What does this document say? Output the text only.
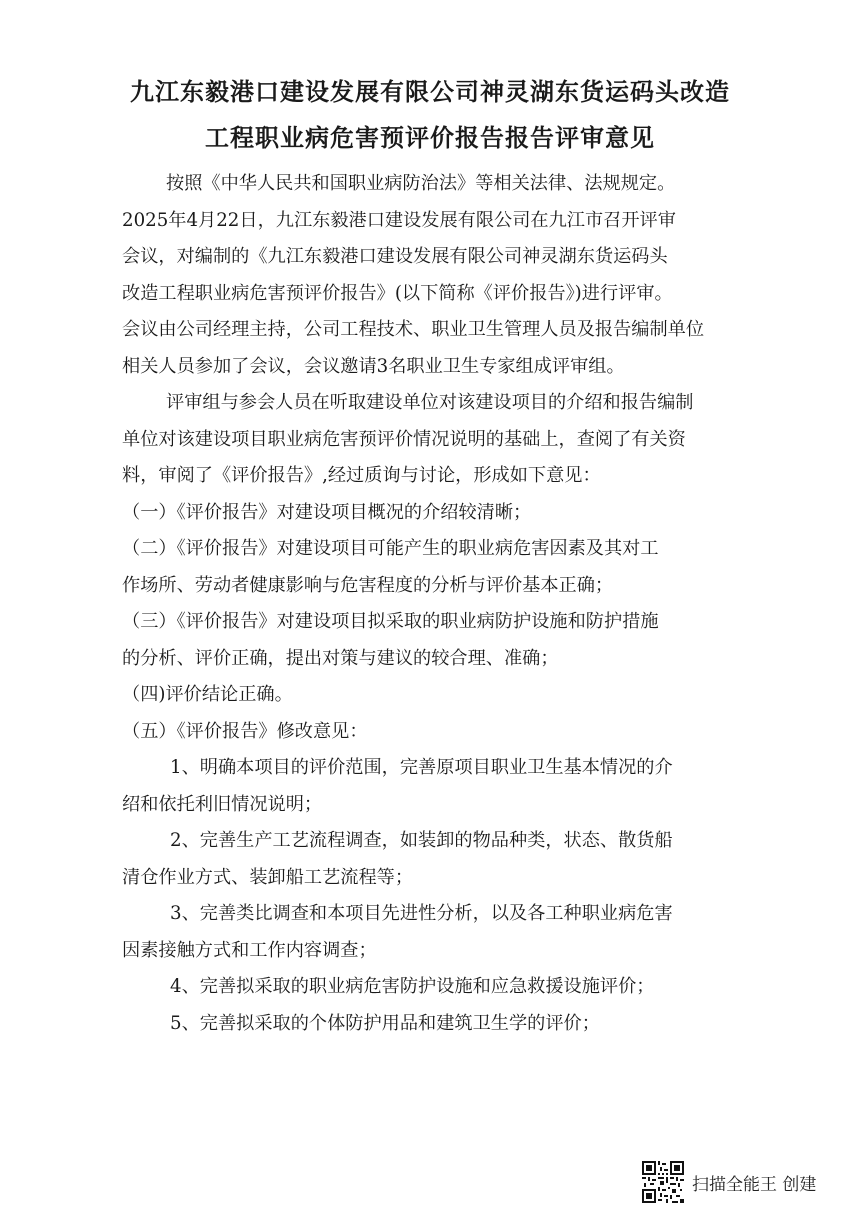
九江东毅港口建设发展有限公司神灵湖东货运码头改造
工程职业病危害预评价报告报告评审意见
按照《中华人民共和国职业病防治法》等相关法律、法规规定。
2025年4月22日，九江东毅港口建设发展有限公司在九江市召开评审
会议，对编制的《九江东毅港口建设发展有限公司神灵湖东货运码头
改造工程职业病危害预评价报告》(以下简称《评价报告》)进行评审。
会议由公司经理主持，公司工程技术、职业卫生管理人员及报告编制单位
相关人员参加了会议，会议邀请3名职业卫生专家组成评审组。
评审组与参会人员在听取建设单位对该建设项目的介绍和报告编制
单位对该建设项目职业病危害预评价情况说明的基础上，查阅了有关资
料，审阅了《评价报告》,经过质询与讨论，形成如下意见：
（一）《评价报告》对建设项目概况的介绍较清晰；
（二）《评价报告》对建设项目可能产生的职业病危害因素及其对工
作场所、劳动者健康影响与危害程度的分析与评价基本正确；
（三）《评价报告》对建设项目拟采取的职业病防护设施和防护措施
的分析、评价正确，提出对策与建议的较合理、准确；
（四)评价结论正确。
（五）《评价报告》修改意见：
1、明确本项目的评价范围，完善原项目职业卫生基本情况的介
绍和依托利旧情况说明；
2、完善生产工艺流程调查，如装卸的物品种类，状态、散货船
清仓作业方式、装卸船工艺流程等；
3、完善类比调查和本项目先进性分析，以及各工种职业病危害
因素接触方式和工作内容调查；
4、完善拟采取的职业病危害防护设施和应急救援设施评价；
5、完善拟采取的个体防护用品和建筑卫生学的评价；
扫描全能王 创建
